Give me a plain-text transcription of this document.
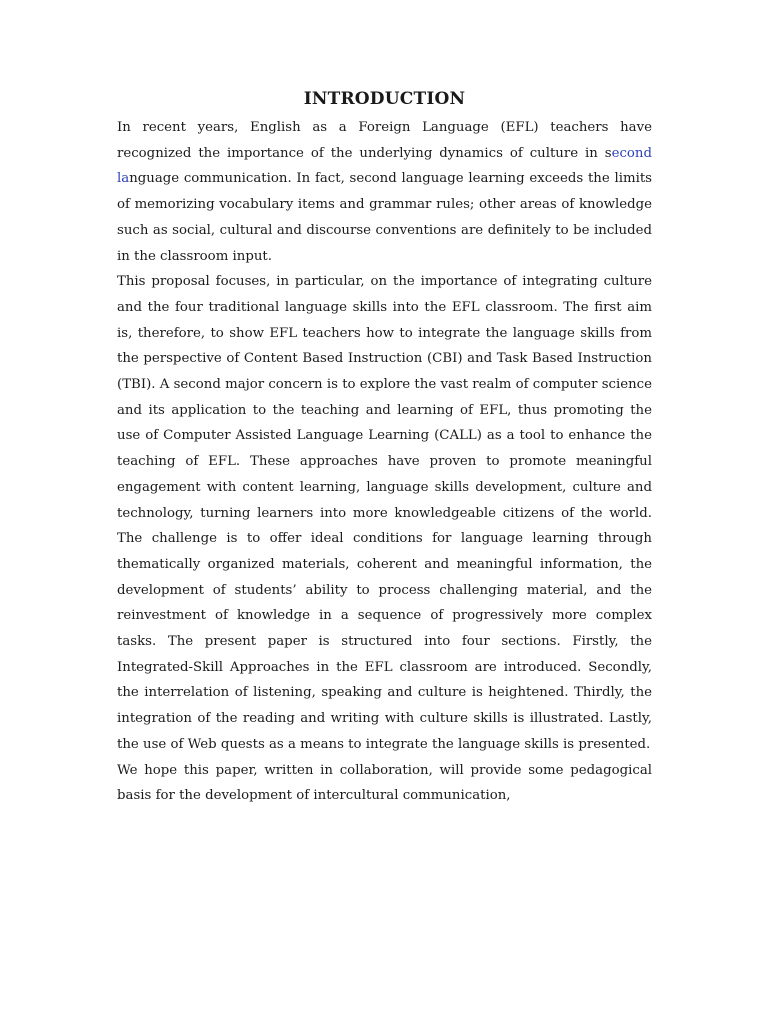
INTRODUCTION

In recent years, English as a Foreign Language (EFL) teachers have recognized the importance of the underlying dynamics of culture in second language communication. In fact, second language learning exceeds the limits of memorizing vocabulary items and grammar rules; other areas of knowledge such as social, cultural and discourse conventions are definitely to be included in the classroom input.

This proposal focuses, in particular, on the importance of integrating culture and the four traditional language skills into the EFL classroom. The first aim is, therefore, to show EFL teachers how to integrate the language skills from the perspective of Content Based Instruction (CBI) and Task Based Instruction (TBI). A second major concern is to explore the vast realm of computer science and its application to the teaching and learning of EFL, thus promoting the use of Computer Assisted Language Learning (CALL) as a tool to enhance the teaching of EFL. These approaches have proven to promote meaningful engagement with content learning, language skills development, culture and technology, turning learners into more knowledgeable citizens of the world. The challenge is to offer ideal conditions for language learning through thematically organized materials, coherent and meaningful information, the development of students’ ability to process challenging material, and the reinvestment of knowledge in a sequence of progressively more complex tasks. The present paper is structured into four sections. Firstly, the Integrated-Skill Approaches in the EFL classroom are introduced. Secondly, the interrelation of listening, speaking and culture is heightened. Thirdly, the integration of the reading and writing with culture skills is illustrated. Lastly, the use of Web quests as a means to integrate the language skills is presented.

We hope this paper, written in collaboration, will provide some pedagogical basis for the development of intercultural communication,
